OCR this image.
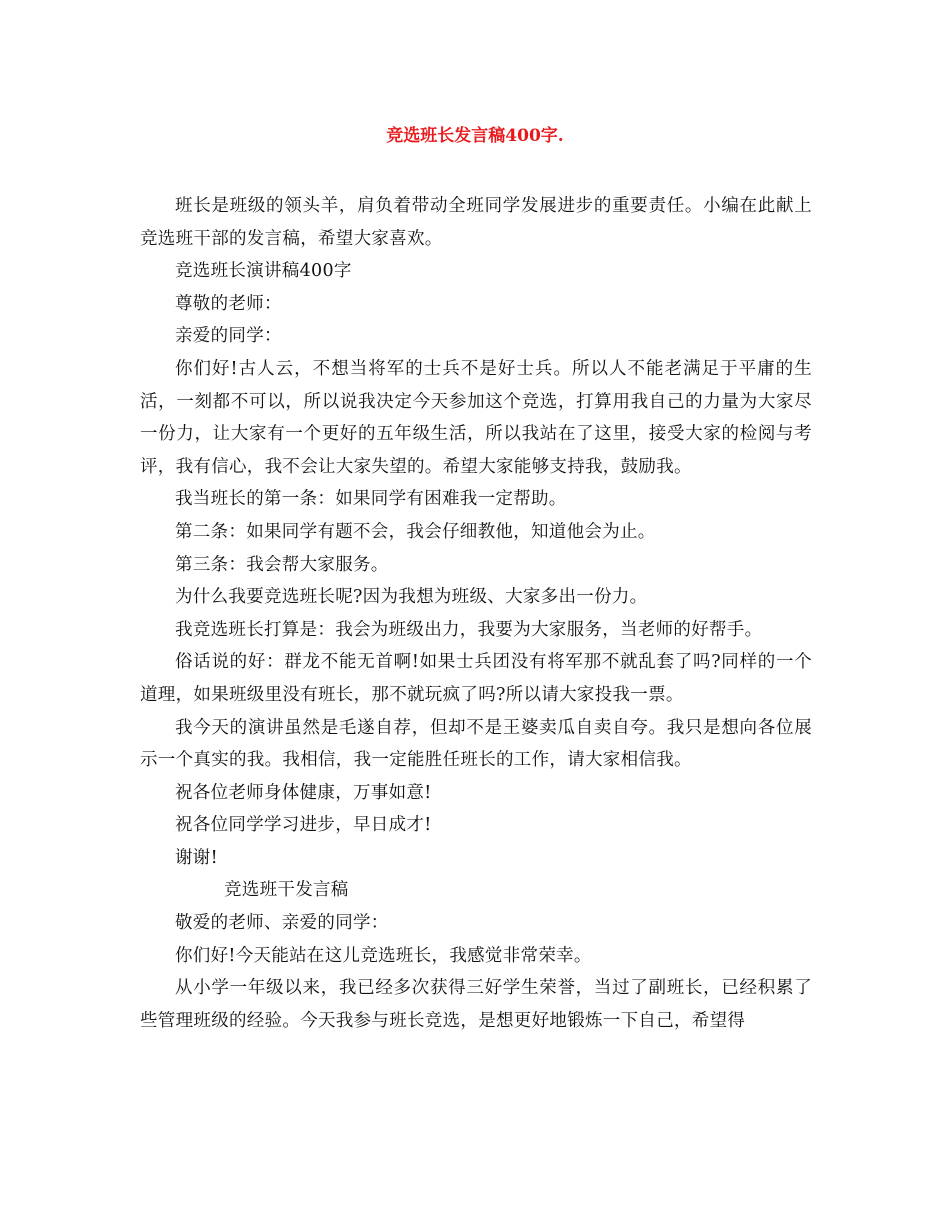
竞选班长发言稿400字.

班长是班级的领头羊，肩负着带动全班同学发展进步的重要责任。小编在此献上竞选班干部的发言稿，希望大家喜欢。

竞选班长演讲稿400字

尊敬的老师：

亲爱的同学：

你们好!古人云，不想当将军的士兵不是好士兵。所以人不能老满足于平庸的生活，一刻都不可以，所以说我决定今天参加这个竞选，打算用我自己的力量为大家尽一份力，让大家有一个更好的五年级生活，所以我站在了这里，接受大家的检阅与考评，我有信心，我不会让大家失望的。希望大家能够支持我，鼓励我。

我当班长的第一条：如果同学有困难我一定帮助。

第二条：如果同学有题不会，我会仔细教他，知道他会为止。

第三条：我会帮大家服务。

为什么我要竞选班长呢?因为我想为班级、大家多出一份力。

我竞选班长打算是：我会为班级出力，我要为大家服务，当老师的好帮手。

俗话说的好：群龙不能无首啊!如果士兵团没有将军那不就乱套了吗?同样的一个道理，如果班级里没有班长，那不就玩疯了吗?所以请大家投我一票。

我今天的演讲虽然是毛遂自荐，但却不是王婆卖瓜自卖自夸。我只是想向各位展示一个真实的我。我相信，我一定能胜任班长的工作，请大家相信我。

祝各位老师身体健康，万事如意!

祝各位同学学习进步，早日成才!

谢谢!

竞选班干发言稿

敬爱的老师、亲爱的同学：

你们好!今天能站在这儿竞选班长，我感觉非常荣幸。

从小学一年级以来，我已经多次获得三好学生荣誉，当过了副班长，已经积累了些管理班级的经验。今天我参与班长竞选，是想更好地锻炼一下自己，希望得
